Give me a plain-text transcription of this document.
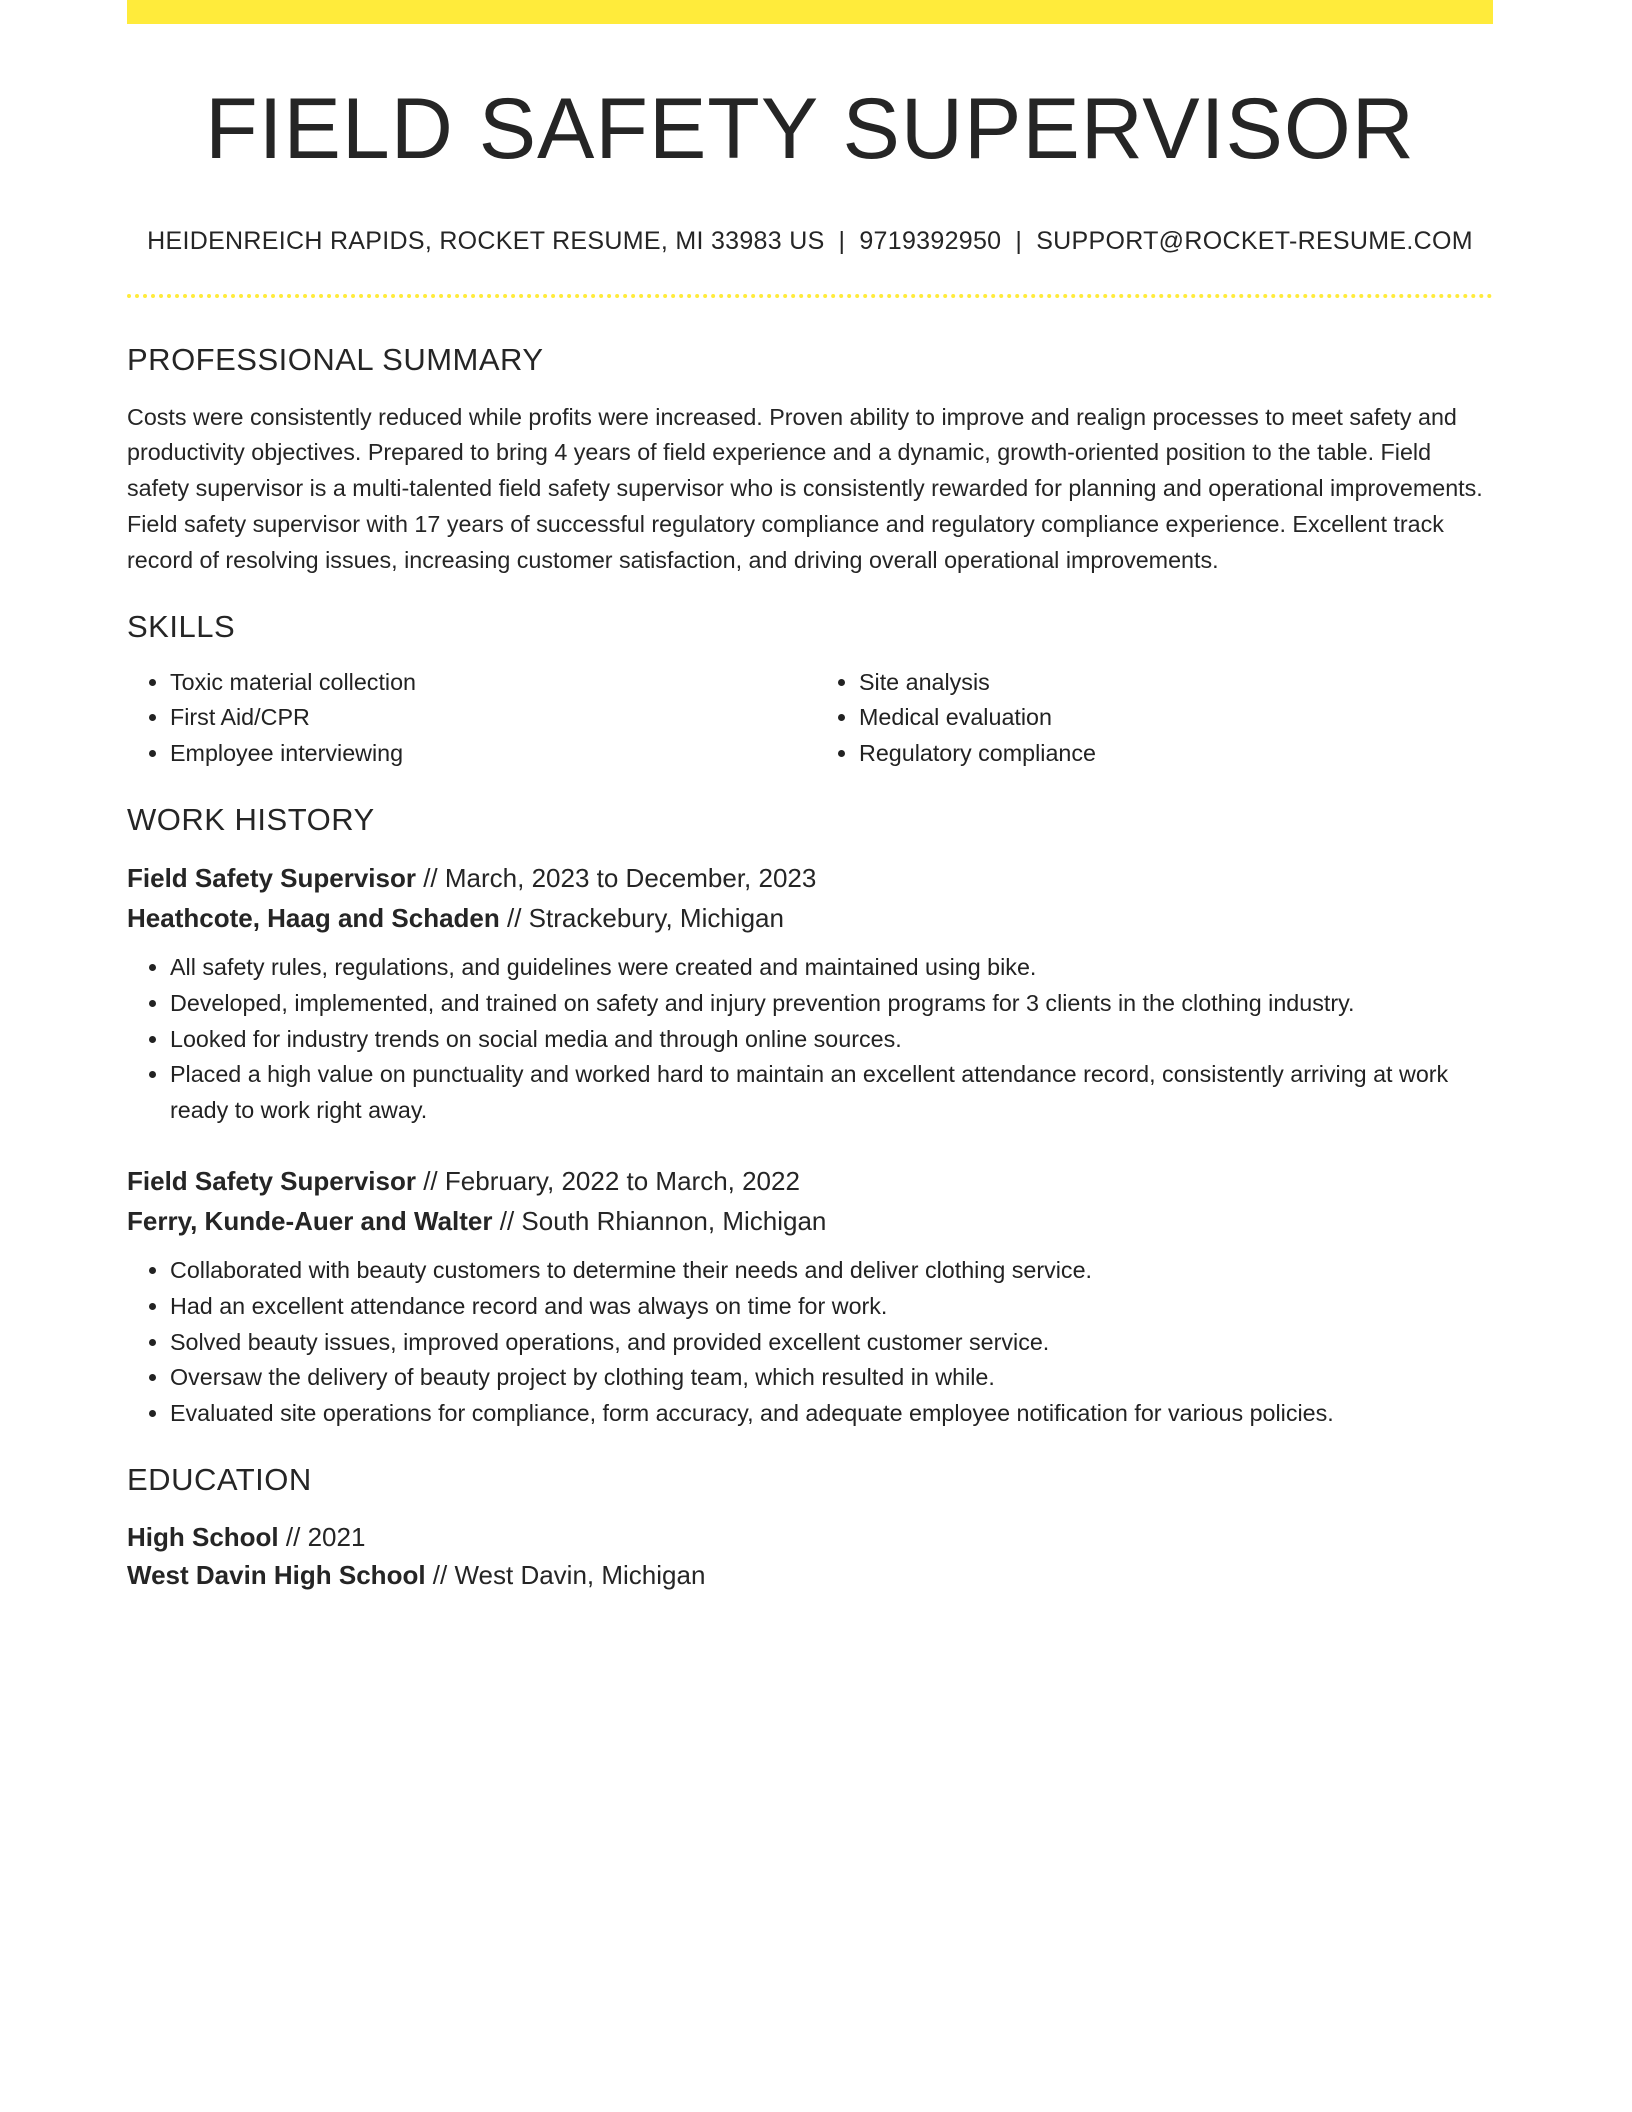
FIELD SAFETY SUPERVISOR
HEIDENREICH RAPIDS, ROCKET RESUME, MI 33983 US | 9719392950 | SUPPORT@ROCKET-RESUME.COM
PROFESSIONAL SUMMARY

Costs were consistently reduced while profits were increased. Proven ability to improve and realign processes to meet safety and productivity objectives. Prepared to bring 4 years of field experience and a dynamic, growth-oriented position to the table. Field safety supervisor is a multi-talented field safety supervisor who is consistently rewarded for planning and operational improvements. Field safety supervisor with 17 years of successful regulatory compliance and regulatory compliance experience. Excellent track record of resolving issues, increasing customer satisfaction, and driving overall operational improvements.

SKILLS
• Toxic material collection
• First Aid/CPR
• Employee interviewing
• Site analysis
• Medical evaluation
• Regulatory compliance
WORK HISTORY
Field Safety Supervisor // March, 2023 to December, 2023
Heathcote, Haag and Schaden // Strackebury, Michigan
• All safety rules, regulations, and guidelines were created and maintained using bike.
• Developed, implemented, and trained on safety and injury prevention programs for 3 clients in the clothing industry.
• Looked for industry trends on social media and through online sources.
• Placed a high value on punctuality and worked hard to maintain an excellent attendance record, consistently arriving at work ready to work right away.
Field Safety Supervisor // February, 2022 to March, 2022
Ferry, Kunde-Auer and Walter // South Rhiannon, Michigan
• Collaborated with beauty customers to determine their needs and deliver clothing service.
• Had an excellent attendance record and was always on time for work.
• Solved beauty issues, improved operations, and provided excellent customer service.
• Oversaw the delivery of beauty project by clothing team, which resulted in while.
• Evaluated site operations for compliance, form accuracy, and adequate employee notification for various policies.
EDUCATION
High School // 2021
West Davin High School // West Davin, Michigan
